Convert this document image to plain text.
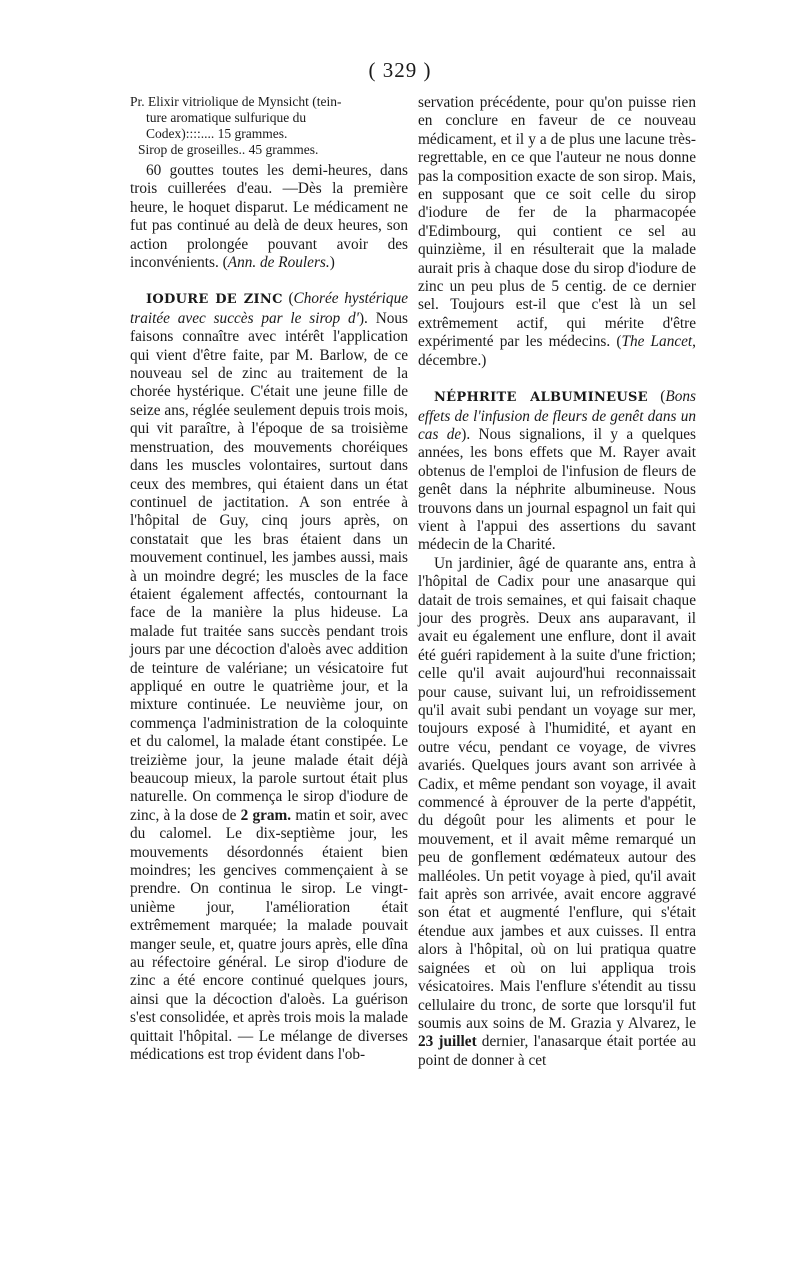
( 329 )
Pr. Elixir vitriolique de Mynsicht (tein-
ture aromatique sulfurique du
Codex)::::.... 15 grammes.
Sirop de groseilles.. 45 grammes.

60 gouttes toutes les demi-heures, dans trois cuillerées d'eau. —Dès la première heure, le hoquet disparut. Le médicament ne fut pas continué au delà de deux heures, son action prolongée pouvant avoir des inconvénients. (Ann. de Roulers.)

IODURE DE ZINC (Chorée hystérique traitée avec succès par le sirop d'). Nous faisons connaître avec intérêt l'application qui vient d'être faite, par M. Barlow, de ce nouveau sel de zinc au traitement de la chorée hystérique. C'était une jeune fille de seize ans, réglée seulement depuis trois mois, qui vit paraître, à l'époque de sa troisième menstruation, des mouvements choréiques dans les muscles volontaires, surtout dans ceux des membres, qui étaient dans un état continuel de jactitation. A son entrée à l'hôpital de Guy, cinq jours après, on constatait que les bras étaient dans un mouvement continuel, les jambes aussi, mais à un moindre degré; les muscles de la face étaient également affectés, contournant la face de la manière la plus hideuse. La malade fut traitée sans succès pendant trois jours par une décoction d'aloès avec addition de teinture de valériane; un vésicatoire fut appliqué en outre le quatrième jour, et la mixture continuée. Le neuvième jour, on commença l'administration de la coloquinte et du calomel, la malade étant constipée. Le treizième jour, la jeune malade était déjà beaucoup mieux, la parole surtout était plus naturelle. On commença le sirop d'iodure de zinc, à la dose de 2 gram. matin et soir, avec du calomel. Le dix-septième jour, les mouvements désordonnés étaient bien moindres; les gencives commençaient à se prendre. On continua le sirop. Le vingt-unième jour, l'amélioration était extrêmement marquée; la malade pouvait manger seule, et, quatre jours après, elle dîna au réfectoire général. Le sirop d'iodure de zinc a été encore continué quelques jours, ainsi que la décoction d'aloès. La guérison s'est consolidée, et après trois mois la malade quittait l'hôpital. — Le mélange de diverses médications est trop évident dans l'ob-

servation précédente, pour qu'on puisse rien en conclure en faveur de ce nouveau médicament, et il y a de plus une lacune très-regrettable, en ce que l'auteur ne nous donne pas la composition exacte de son sirop. Mais, en supposant que ce soit celle du sirop d'iodure de fer de la pharmacopée d'Edimbourg, qui contient ce sel au quinzième, il en résulterait que la malade aurait pris à chaque dose du sirop d'iodure de zinc un peu plus de 5 centig. de ce dernier sel. Toujours est-il que c'est là un sel extrêmement actif, qui mérite d'être expérimenté par les médecins. (The Lancet, décembre.)

NÉPHRITE ALBUMINEUSE (Bons effets de l'infusion de fleurs de genêt dans un cas de). Nous signalions, il y a quelques années, les bons effets que M. Rayer avait obtenus de l'emploi de l'infusion de fleurs de genêt dans la néphrite albumineuse. Nous trouvons dans un journal espagnol un fait qui vient à l'appui des assertions du savant médecin de la Charité.

Un jardinier, âgé de quarante ans, entra à l'hôpital de Cadix pour une anasarque qui datait de trois semaines, et qui faisait chaque jour des progrès. Deux ans auparavant, il avait eu également une enflure, dont il avait été guéri rapidement à la suite d'une friction; celle qu'il avait aujourd'hui reconnaissait pour cause, suivant lui, un refroidissement qu'il avait subi pendant un voyage sur mer, toujours exposé à l'humidité, et ayant en outre vécu, pendant ce voyage, de vivres avariés. Quelques jours avant son arrivée à Cadix, et même pendant son voyage, il avait commencé à éprouver de la perte d'appétit, du dégoût pour les aliments et pour le mouvement, et il avait même remarqué un peu de gonflement œdémateux autour des malléoles. Un petit voyage à pied, qu'il avait fait après son arrivée, avait encore aggravé son état et augmenté l'enflure, qui s'était étendue aux jambes et aux cuisses. Il entra alors à l'hôpital, où on lui pratiqua quatre saignées et où on lui appliqua trois vésicatoires. Mais l'enflure s'étendit au tissu cellulaire du tronc, de sorte que lorsqu'il fut soumis aux soins de M. Grazia y Alvarez, le 23 juillet dernier, l'anasarque était portée au point de donner à cet
